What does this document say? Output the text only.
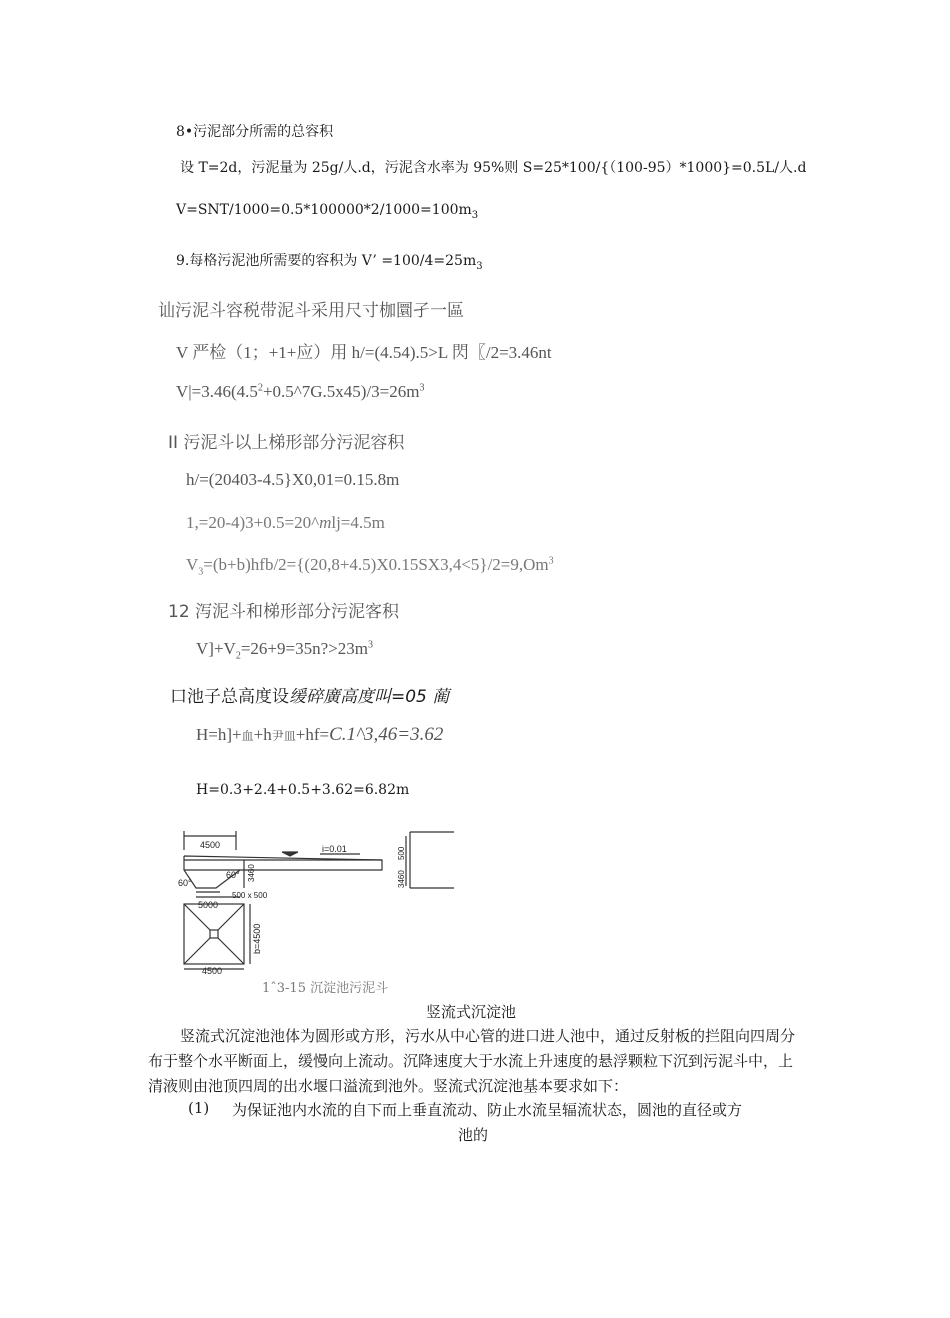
8•污泥部分所需的总容积
设 T=2d，污泥量为 25g/人.d，污泥含水率为 95%则 S=25*100/{（100-95）*1000}=0.5L/人.d
$V=SNT/1000=0.5*100000*2/1000=100m_3$
9.每格污泥池所需要的容积为 V’ $=100/4=25m_3$
讪污泥斗容税带泥斗采用尺寸枷圜孑一區
V 严检（1；+1+应）用 h/=(4.54).5>L 閃〖/2=3.46nt
$V|=3.46(4.5^2+0.5\^{}7G.5x45)/3=26m^3$
II 污泥斗以上梯形部分污泥容积
h/=(20403-4.5}X0,01=0.15.8m
1,=20-4)3+0.5=20^mlj=4.5m
$V_3=(b+b)hfb/2=\{(20,8+4.5)X0.15SX3,4<5\}/2=9,Om^3$
12 泻泥斗和梯形部分污泥客积
$V]+V_2=26+9=35n?>23m^3$
口池子总高度设缓碎廣高度叫=05 蔺
H=h]+血+h尹皿+hf=C.1^3,46=3.62
H=0.3+2.4+0.5+3.62=6.82m
4500	i=0.01
3460
60°
60°
5000
500 x 500
b=4500
4500
500
3460
1ˆ3-15 沉淀池污泥斗
竖流式沉淀池
竖流式沉淀池池体为圆形或方形，污水从中心管的进口进人池中，通过反射板的拦阻向四周分布于整个水平断面上，缓慢向上流动。沉降速度大于水流上升速度的悬浮颗粒下沉到污泥斗中，上清液则由池顶四周的出水堰口溢流到池外。竖流式沉淀池基本要求如下：
(1) 为保证池内水流的自下而上垂直流动、防止水流呈辐流状态，圆池的直径或方
池的
